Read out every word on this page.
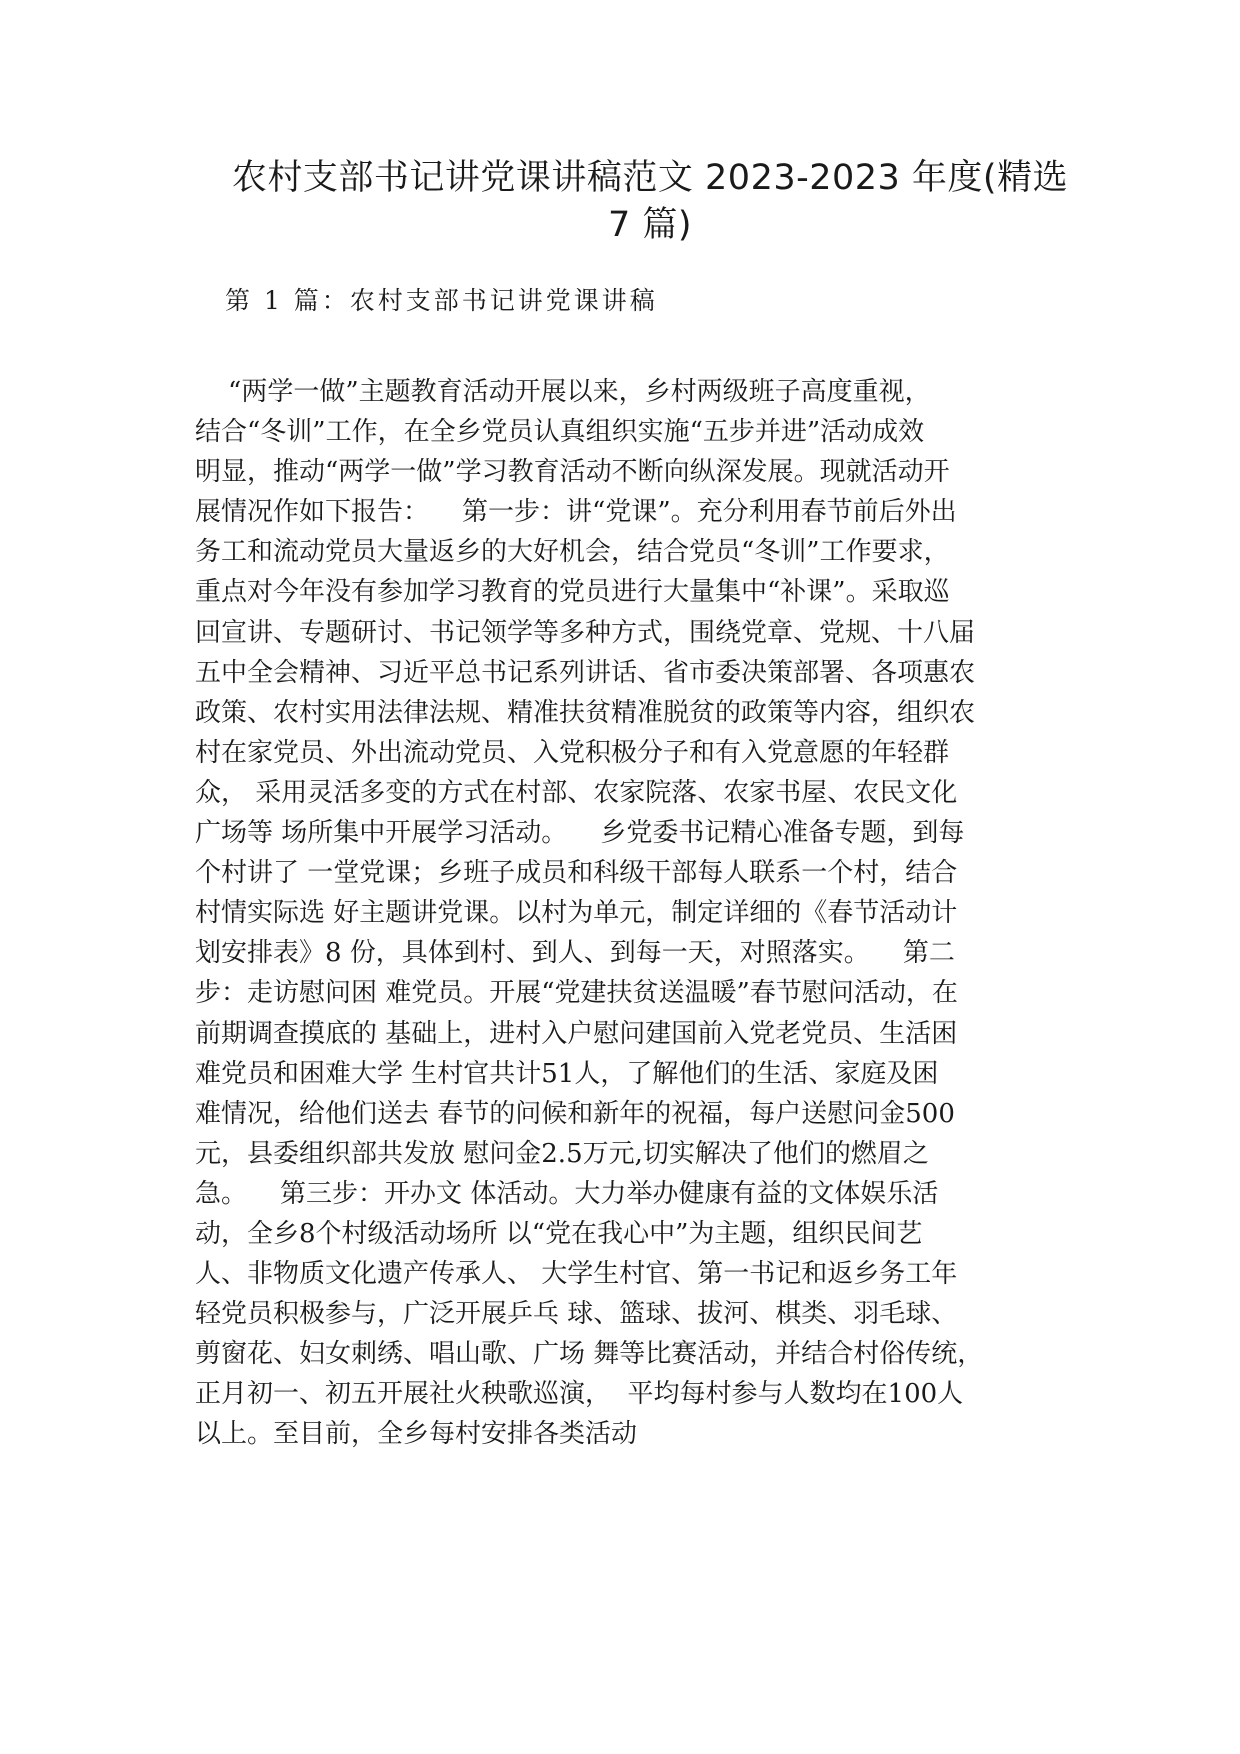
农村支部书记讲党课讲稿范文 2023-2023 年度(精选
7 篇)
第 1 篇：农村支部书记讲党课讲稿
“两学一做”主题教育活动开展以来，乡村两级班子高度重视，
结合“冬训”工作，在全乡党员认真组织实施“五步并进”活动成效
明显，推动“两学一做”学习教育活动不断向纵深发展。现就活动开
展情况作如下报告：    第一步：讲“党课”。充分利用春节前后外出
务工和流动党员大量返乡的大好机会，结合党员“冬训”工作要求，
重点对今年没有参加学习教育的党员进行大量集中“补课”。采取巡
回宣讲、专题研讨、书记领学等多种方式，围绕党章、党规、十八届
五中全会精神、习近平总书记系列讲话、省市委决策部署、各项惠农
政策、农村实用法律法规、精准扶贫精准脱贫的政策等内容，组织农
村在家党员、外出流动党员、入党积极分子和有入党意愿的年轻群
众， 采用灵活多变的方式在村部、农家院落、农家书屋、农民文化
广场等 场所集中开展学习活动。    乡党委书记精心准备专题，到每
个村讲了 一堂党课；乡班子成员和科级干部每人联系一个村，结合
村情实际选 好主题讲党课。以村为单元，制定详细的《春节活动计
划安排表》8 份，具体到村、到人、到每一天，对照落实。    第二
步：走访慰问困 难党员。开展“党建扶贫送温暖”春节慰问活动，在
前期调查摸底的 基础上，进村入户慰问建国前入党老党员、生活困
难党员和困难大学 生村官共计51人，了解他们的生活、家庭及困
难情况，给他们送去 春节的问候和新年的祝福，每户送慰问金500
元，县委组织部共发放 慰问金2.5万元,切实解决了他们的燃眉之
急。    第三步：开办文 体活动。大力举办健康有益的文体娱乐活
动，全乡8个村级活动场所 以“党在我心中”为主题，组织民间艺
人、非物质文化遗产传承人、 大学生村官、第一书记和返乡务工年
轻党员积极参与，广泛开展乒乓 球、篮球、拔河、棋类、羽毛球、
剪窗花、妇女刺绣、唱山歌、广场 舞等比赛活动，并结合村俗传统，
正月初一、初五开展社火秧歌巡演，  平均每村参与人数均在100人
以上。至目前，全乡每村安排各类活动
